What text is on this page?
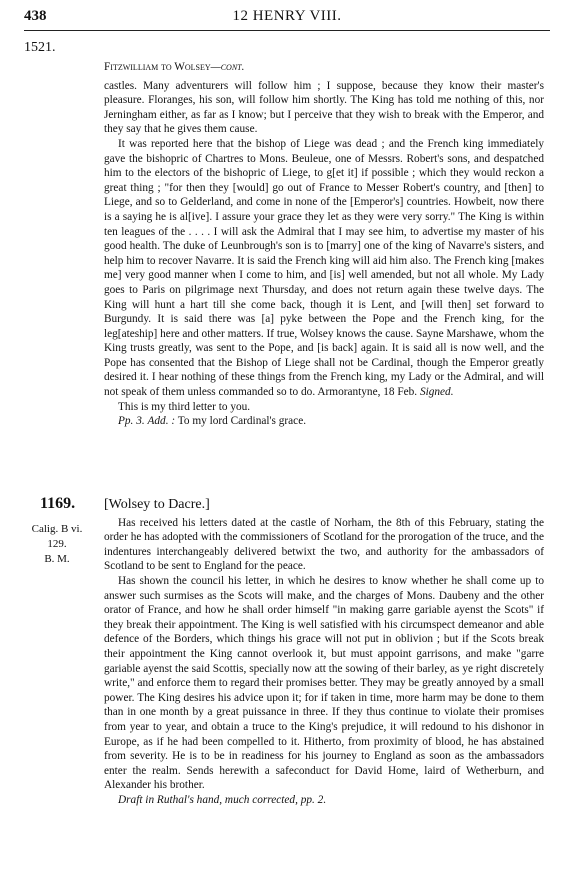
438	12 HENRY VIII.
1521.
Fitzwilliam to Wolsey—cont.

castles. Many adventurers will follow him ; I suppose, because they know their master's pleasure. Floranges, his son, will follow him shortly. The King has told me nothing of this, nor Jerningham either, as far as I know; but I perceive that they wish to break with the Emperor, and they say that he gives them cause.

It was reported here that the bishop of Liege was dead ; and the French king immediately gave the bishopric of Chartres to Mons. Beuleue, one of Messrs. Robert's sons, and despatched him to the electors of the bishopric of Liege, to g[et it] if possible ; which they would reckon a great thing ; "for then they [would] go out of France to Messer Robert's country, and [then] to Liege, and so to Gelderland, and come in none of the [Emperor's] countries. Howbeit, now there is a saying he is al[ive]. I assure your grace they let as they were very sorry." The King is within ten leagues of the . . . . I will ask the Admiral that I may see him, to advertise my master of his good health. The duke of Leunbrough's son is to [marry] one of the king of Navarre's sisters, and help him to recover Navarre. It is said the French king will aid him also. The French king [makes me] very good manner when I come to him, and [is] well amended, but not all whole. My Lady goes to Paris on pilgrimage next Thursday, and does not return again these twelve days. The King will hunt a hart till she come back, though it is Lent, and [will then] set forward to Burgundy. It is said there was [a] pyke between the Pope and the French king, for the leg[ateship] here and other matters. If true, Wolsey knows the cause. Sayne Marshawe, whom the King trusts greatly, was sent to the Pope, and [is back] again. It is said all is now well, and the Pope has consented that the Bishop of Liege shall not be Cardinal, though the Emperor greatly desired it. I hear nothing of these things from the French king, my Lady or the Admiral, and will not speak of them unless commanded so to do. Armorantyne, 18 Feb. Signed.

This is my third letter to you.

Pp. 3. Add. : To my lord Cardinal's grace.

Calig. B vi.
129.
B. M.
1169.	[Wolsey to Dacre.]

Has received his letters dated at the castle of Norham, the 8th of this February, stating the order he has adopted with the commissioners of Scotland for the prorogation of the truce, and the indentures interchangeably delivered betwixt the two, and authority for the ambassadors of Scotland to be sent to England for the peace.

Has shown the council his letter, in which he desires to know whether he shall come up to answer such surmises as the Scots will make, and the charges of Mons. Daubeny and the other orator of France, and how he shall order himself "in making garre gariable ayenst the Scots" if they break their appointment. The King is well satisfied with his circumspect demeanor and able defence of the Borders, which things his grace will not put in oblivion ; but if the Scots break their appointment the King cannot overlook it, but must appoint garrisons, and make "garre gariable ayenst the said Scottis, specially now att the sowing of their barley, as ye right discretely write," and enforce them to regard their promises better. They may be greatly annoyed by a small power. The King desires his advice upon it; for if taken in time, more harm may be done to them than in one month by a great puissance in three. If they thus continue to violate their promises from year to year, and obtain a truce to the King's prejudice, it will redound to his dishonor in Europe, as if he had been compelled to it. Hitherto, from proximity of blood, he has abstained from severity. He is to be in readiness for his journey to England as soon as the ambassadors enter the realm. Sends herewith a safeconduct for David Home, laird of Wetherburn, and Alexander his brother.

Draft in Ruthal's hand, much corrected, pp. 2.
